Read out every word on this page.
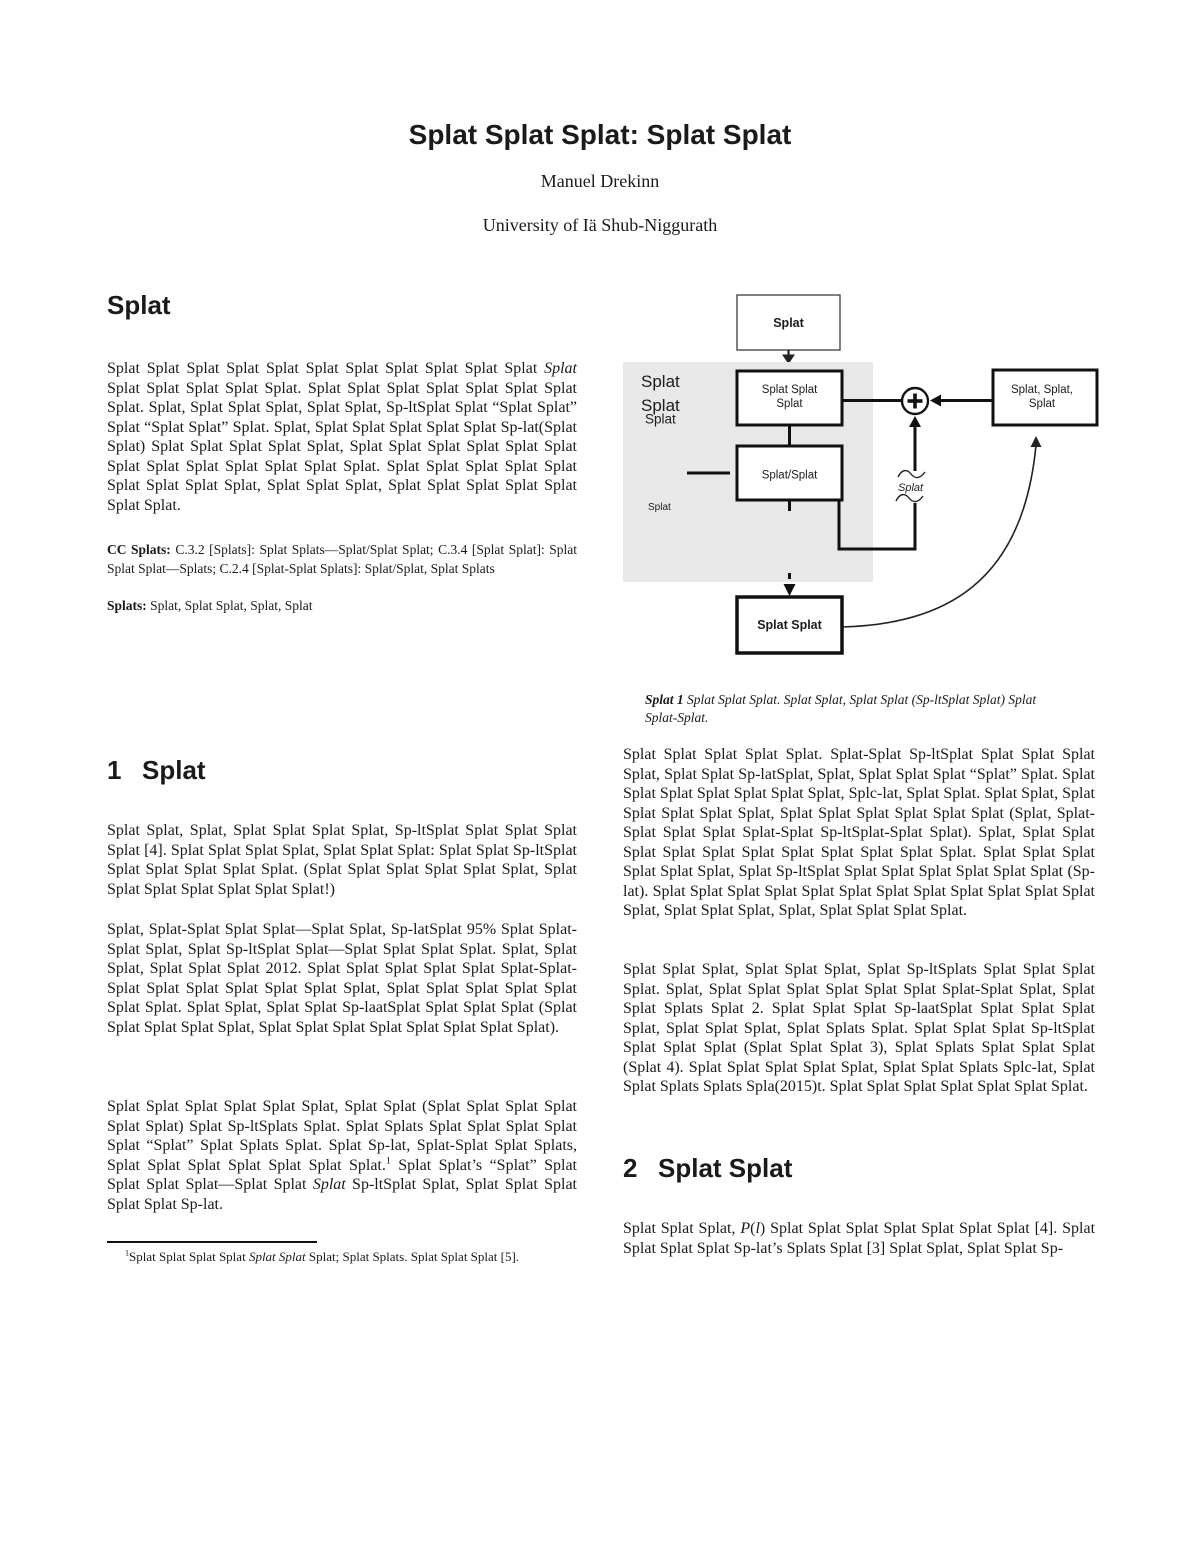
Splat Splat Splat: Splat Splat
Manuel Drekinn
University of Iä Shub-Niggurath
Splat
Splat Splat Splat Splat Splat Splat Splat Splat Splat Splat Splat Splat Splat Splat Splat Splat Splat. Splat Splat Splat Splat Splat Splat Splat Splat. Splat, Splat Splat Splat, Splat Splat, Sp-ltSplat Splat “Splat Splat” Splat “Splat Splat” Splat. Splat, Splat Splat Splat Splat Splat Sp-lat(Splat Splat) Splat Splat Splat Splat Splat, Splat Splat Splat Splat Splat Splat Splat Splat Splat Splat Splat Splat Splat. Splat Splat Splat Splat Splat Splat Splat Splat Splat, Splat Splat Splat, Splat Splat Splat Splat Splat Splat Splat.
CC Splats: C.3.2 [Splats]: Splat Splats—Splat/Splat Splat; C.3.4 [Splat Splat]: Splat Splat Splat—Splats; C.2.4 [Splat-Splat Splats]: Splat/Splat, Splat Splats
Splats: Splat, Splat Splat, Splat, Splat
1 Splat
Splat Splat, Splat, Splat Splat Splat Splat, Sp-ltSplat Splat Splat Splat Splat [4]. Splat Splat Splat Splat, Splat Splat Splat: Splat Splat Sp-ltSplat Splat Splat Splat Splat Splat. (Splat Splat Splat Splat Splat Splat, Splat Splat Splat Splat Splat Splat Splat!)
Splat, Splat-Splat Splat Splat—Splat Splat, Sp-latSplat 95% Splat Splat-Splat Splat, Splat Sp-ltSplat Splat—Splat Splat Splat Splat. Splat, Splat Splat, Splat Splat Splat 2012. Splat Splat Splat Splat Splat Splat-Splat-Splat Splat Splat Splat Splat Splat Splat, Splat Splat Splat Splat Splat Splat Splat. Splat Splat, Splat Splat Sp-laatSplat Splat Splat Splat (Splat Splat Splat Splat Splat, Splat Splat Splat Splat Splat Splat Splat Splat).
Splat Splat Splat Splat Splat Splat, Splat Splat (Splat Splat Splat Splat Splat Splat) Splat Sp-ltSplats Splat. Splat Splats Splat Splat Splat Splat Splat “Splat” Splat Splats Splat. Splat Sp-lat, Splat-Splat Splat Splats, Splat Splat Splat Splat Splat Splat Splat.$^1$ Splat Splat’s “Splat” Splat Splat Splat Splat—Splat Splat Splat Sp-ltSplat Splat, Splat Splat Splat Splat Splat Sp-lat.
$^1$Splat Splat Splat Splat Splat Splat Splat; Splat Splats. Splat Splat Splat [5].
Splat
Splat
Splat
Splat
Splat
Splat Splat
Splat
Splat/Splat
Splat Splat
Splat, Splat,
Splat
Splat
Splat 1 Splat Splat Splat. Splat Splat, Splat Splat (Sp-ltSplat Splat) Splat Splat-Splat.
Splat Splat Splat Splat Splat. Splat-Splat Sp-ltSplat Splat Splat Splat Splat, Splat Splat Sp-latSplat, Splat, Splat Splat Splat “Splat” Splat. Splat Splat Splat Splat Splat Splat Splat, Splc-lat, Splat Splat. Splat Splat, Splat Splat Splat Splat Splat, Splat Splat Splat Splat Splat Splat (Splat, Splat-Splat Splat Splat Splat-Splat Sp-ltSplat-Splat Splat). Splat, Splat Splat Splat Splat Splat Splat Splat Splat Splat Splat Splat. Splat Splat Splat Splat Splat Splat, Splat Sp-ltSplat Splat Splat Splat Splat Splat Splat (Sp-lat). Splat Splat Splat Splat Splat Splat Splat Splat Splat Splat Splat Splat Splat, Splat Splat Splat, Splat, Splat Splat Splat Splat.
Splat Splat Splat, Splat Splat Splat, Splat Sp-ltSplats Splat Splat Splat Splat. Splat, Splat Splat Splat Splat Splat Splat Splat-Splat Splat, Splat Splat Splats Splat 2. Splat Splat Splat Sp-laatSplat Splat Splat Splat Splat, Splat Splat Splat, Splat Splats Splat. Splat Splat Splat Sp-ltSplat Splat Splat Splat (Splat Splat Splat 3), Splat Splats Splat Splat Splat (Splat 4). Splat Splat Splat Splat Splat, Splat Splat Splats Splc-lat, Splat Splat Splats Splats Spla(2015)t. Splat Splat Splat Splat Splat Splat Splat.
2 Splat Splat
Splat Splat Splat, P(l) Splat Splat Splat Splat Splat Splat Splat [4]. Splat Splat Splat Splat Sp-lat’s Splats Splat [3] Splat Splat, Splat Splat Sp-
